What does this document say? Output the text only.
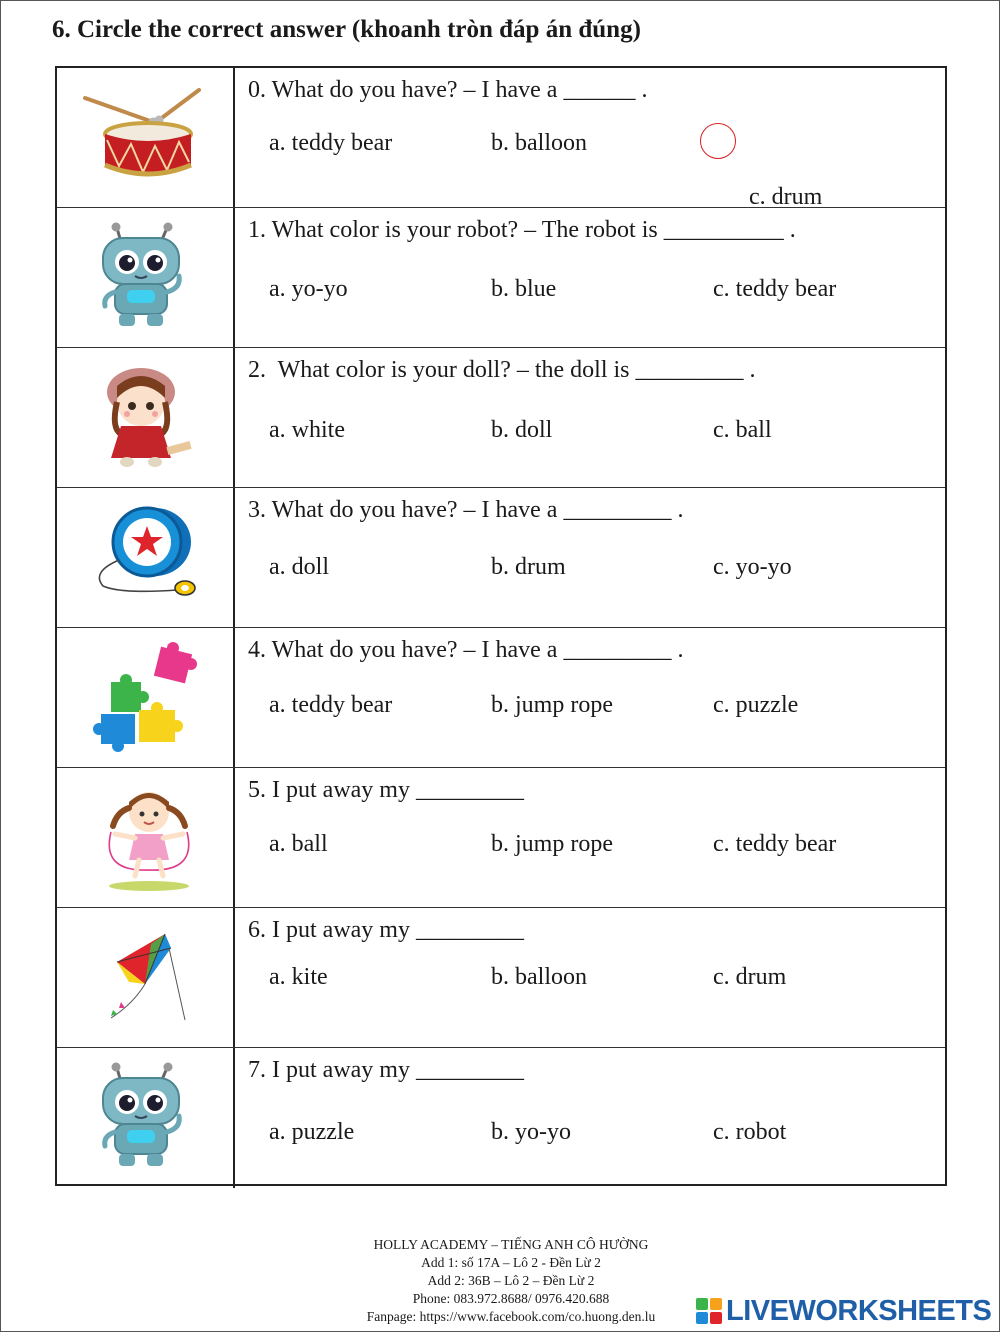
6. Circle the correct answer (khoanh tròn đáp án đúng)
0. What do you have? – I have a ______ .
a. teddy bear	b. balloon

c. drum

1. What color is your robot? – The robot is __________ .
a. yo-yo	b. blue	c. teddy bear
2.  What color is your doll? – the doll is _________ .
a. white	b. doll	c. ball
3. What do you have? – I have a _________ .
a. doll	b. drum	c. yo-yo
4. What do you have? – I have a _________ .
a. teddy bear	b. jump rope	c. puzzle
5. I put away my _________
a. ball	b. jump rope	c. teddy bear
6. I put away my _________
a. kite	b. balloon	c. drum
7. I put away my _________
a. puzzle	b. yo-yo	c. robot
HOLLY ACADEMY – TIẾNG ANH CÔ HƯỜNG
Add 1: số 17A – Lô 2 - Đền Lừ 2
Add 2: 36B – Lô 2 – Đền Lừ 2
Phone: 083.972.8688/ 0976.420.688
Fanpage: https://www.facebook.com/co.huong.den.lu	LIVEWORKSHEETS
